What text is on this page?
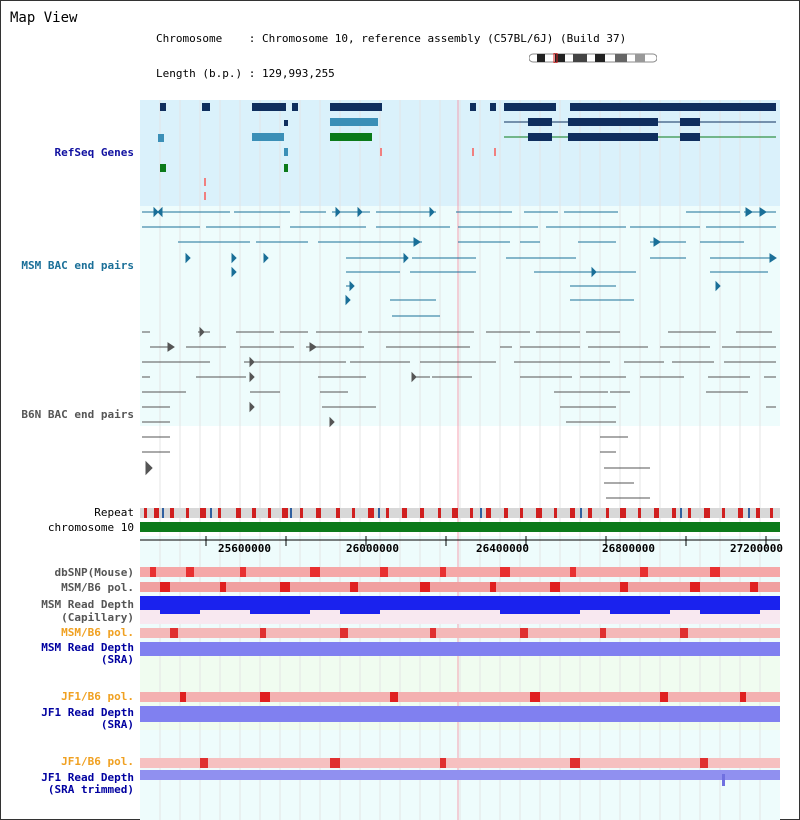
Map View

Chromosome    : Chromosome 10, reference assembly (C57BL/6J) (Build 37)

Length (b.p.) : 129,993,255

RefSeq Genes
MSM BAC end pairs
B6N BAC end pairs
Repeat
chromosome 10
25600000	26000000	26400000	26800000	27200000
dbSNP(Mouse)
MSM/B6 pol.
MSM Read Depth
(Capillary)
MSM/B6 pol.
MSM Read Depth
(SRA)
JF1/B6 pol.
JF1 Read Depth
(SRA)
JF1/B6 pol.
JF1 Read Depth
(SRA trimmed)
